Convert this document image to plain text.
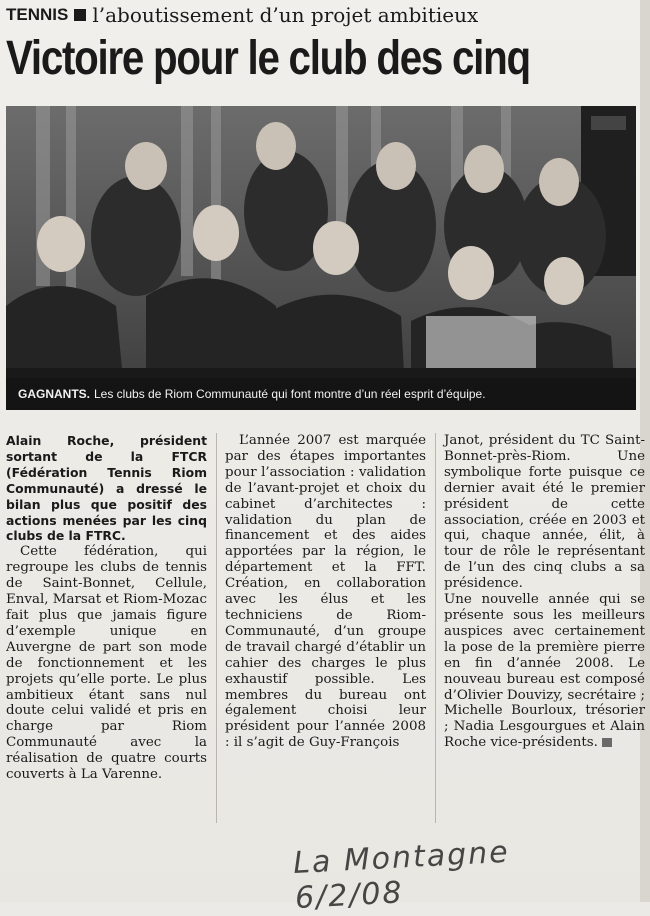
TENNIS l’aboutissement d’un projet ambitieux
Victoire pour le club des cinq
GAGNANTS. Les clubs de Riom Communauté qui font montre d’un réel esprit d’équipe.

Alain Roche, président sortant de la FTCR (Fédération Tennis Riom Communauté) a dressé le bilan plus que positif des actions menées par les cinq clubs de la FTRC.

Cette fédération, qui regroupe les clubs de tennis de Saint-Bonnet, Cellule, Enval, Marsat et Riom-Mozac fait plus que jamais figure d’exemple unique en Auvergne de part son mode de fonctionnement et les projets qu’elle porte. Le plus ambitieux étant sans nul doute celui validé et pris en charge par Riom Communauté avec la réalisation de quatre courts couverts à La Varenne.

L’année 2007 est marquée par des étapes importantes pour l’association : validation de l’avant-projet et choix du cabinet d’architectes : validation du plan de financement et des aides apportées par la région, le département et la FFT. Création, en collaboration avec les élus et les techniciens de Riom-Communauté, d’un groupe de travail chargé d’établir un cahier des charges le plus exhaustif possible. Les membres du bureau ont également choisi leur président pour l’année 2008 : il s’agit de Guy-François

Janot, président du TC Saint-Bonnet-près-Riom. Une symbolique forte puisque ce dernier avait été le premier président de cette association, créée en 2003 et qui, chaque année, élit, à tour de rôle le représentant de l’un des cinq clubs a sa présidence.

Une nouvelle année qui se présente sous les meilleurs auspices avec certainement la pose de la première pierre en fin d’année 2008. Le nouveau bureau est composé d’Olivier Douvizy, secrétaire ; Michelle Bourloux, trésorier ; Nadia Lesgourgues et Alain Roche vice-présidents.

La Montagne 6/2/08
